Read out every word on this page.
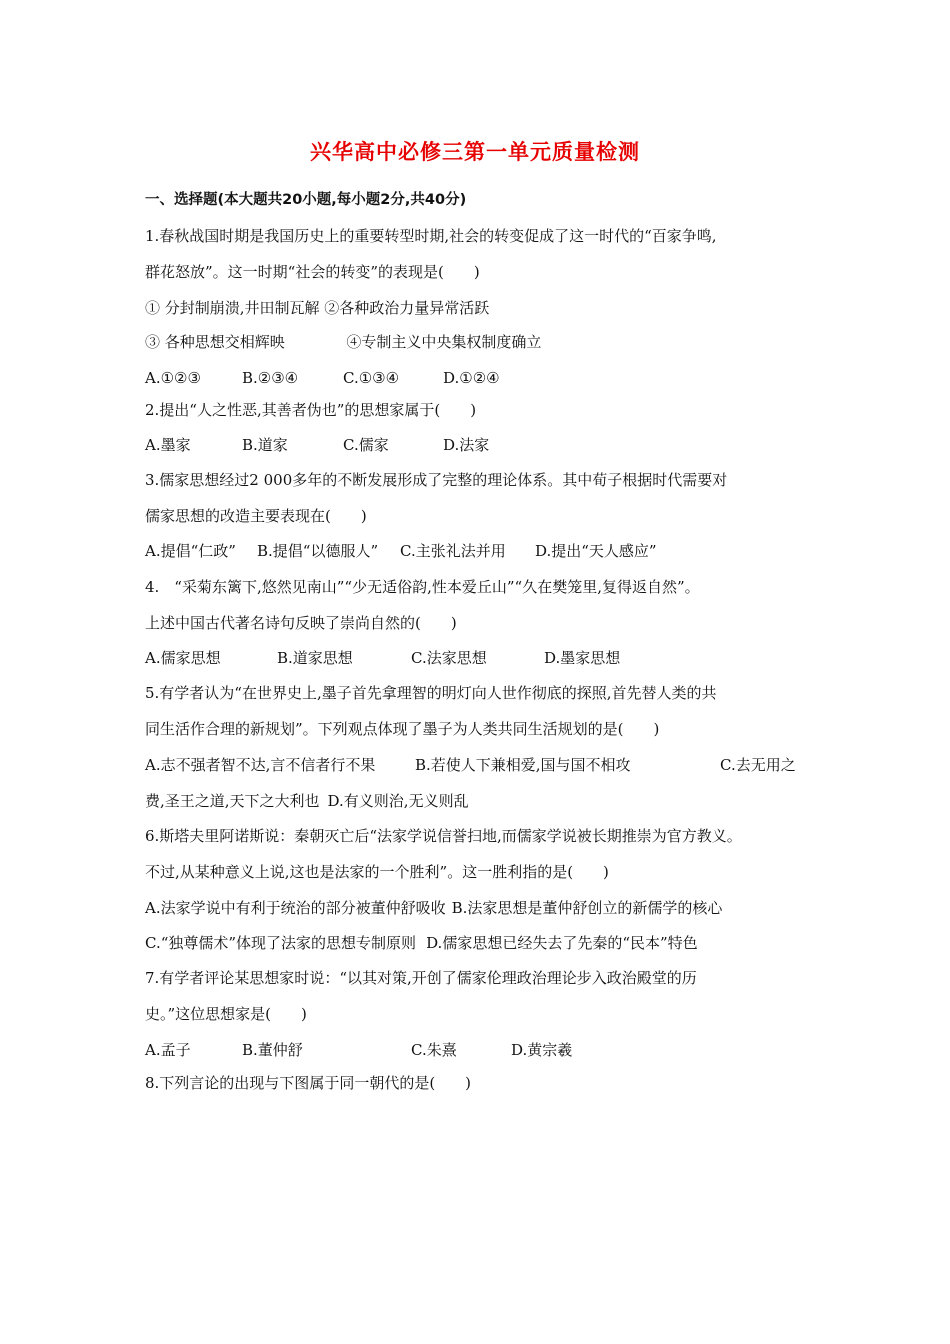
兴华高中必修三第一单元质量检测
一、选择题(本大题共20小题,每小题2分,共40分)
1.春秋战国时期是我国历史上的重要转型时期,社会的转变促成了这一时代的“百家争鸣,
群花怒放”。这一时期“社会的转变”的表现是(　　)
① 分封制崩溃,井田制瓦解 ②各种政治力量异常活跃
③ 各种思想交相辉映	④专制主义中央集权制度确立
A.①②③	B.②③④	C.①③④	D.①②④
2.提出“人之性恶,其善者伪也”的思想家属于(　　)
A.墨家	B.道家	C.儒家	D.法家
3.儒家思想经过2 000多年的不断发展形成了完整的理论体系。其中荀子根据时代需要对
儒家思想的改造主要表现在(　　)
A.提倡“仁政” B.提倡“以德服人” C.主张礼法并用 D.提出“天人感应”
4.　“采菊东篱下,悠然见南山”“少无适俗韵,性本爱丘山”“久在樊笼里,复得返自然”。
上述中国古代著名诗句反映了崇尚自然的(　　)
A.儒家思想	B.道家思想	C.法家思想	D.墨家思想
5.有学者认为“在世界史上,墨子首先拿理智的明灯向人世作彻底的探照,首先替人类的共
同生活作合理的新规划”。下列观点体现了墨子为人类共同生活规划的是(　　)
A.志不强者智不达,言不信者行不果	B.若使人下兼相爱,国与国不相攻	C.去无用之
费,圣王之道,天下之大利也 D.有义则治,无义则乱
6.斯塔夫里阿诺斯说：秦朝灭亡后“法家学说信誉扫地,而儒家学说被长期推崇为官方教义。
不过,从某种意义上说,这也是法家的一个胜利”。这一胜利指的是(　　)
A.法家学说中有利于统治的部分被董仲舒吸收 B.法家思想是董仲舒创立的新儒学的核心
C.“独尊儒术”体现了法家的思想专制原则 D.儒家思想已经失去了先秦的“民本”特色
7.有学者评论某思想家时说：“以其对策,开创了儒家伦理政治理论步入政治殿堂的历
史。”这位思想家是(　　)
A.孟子	B.董仲舒	C.朱熹	D.黄宗羲
8.下列言论的出现与下图属于同一朝代的是(　　)
